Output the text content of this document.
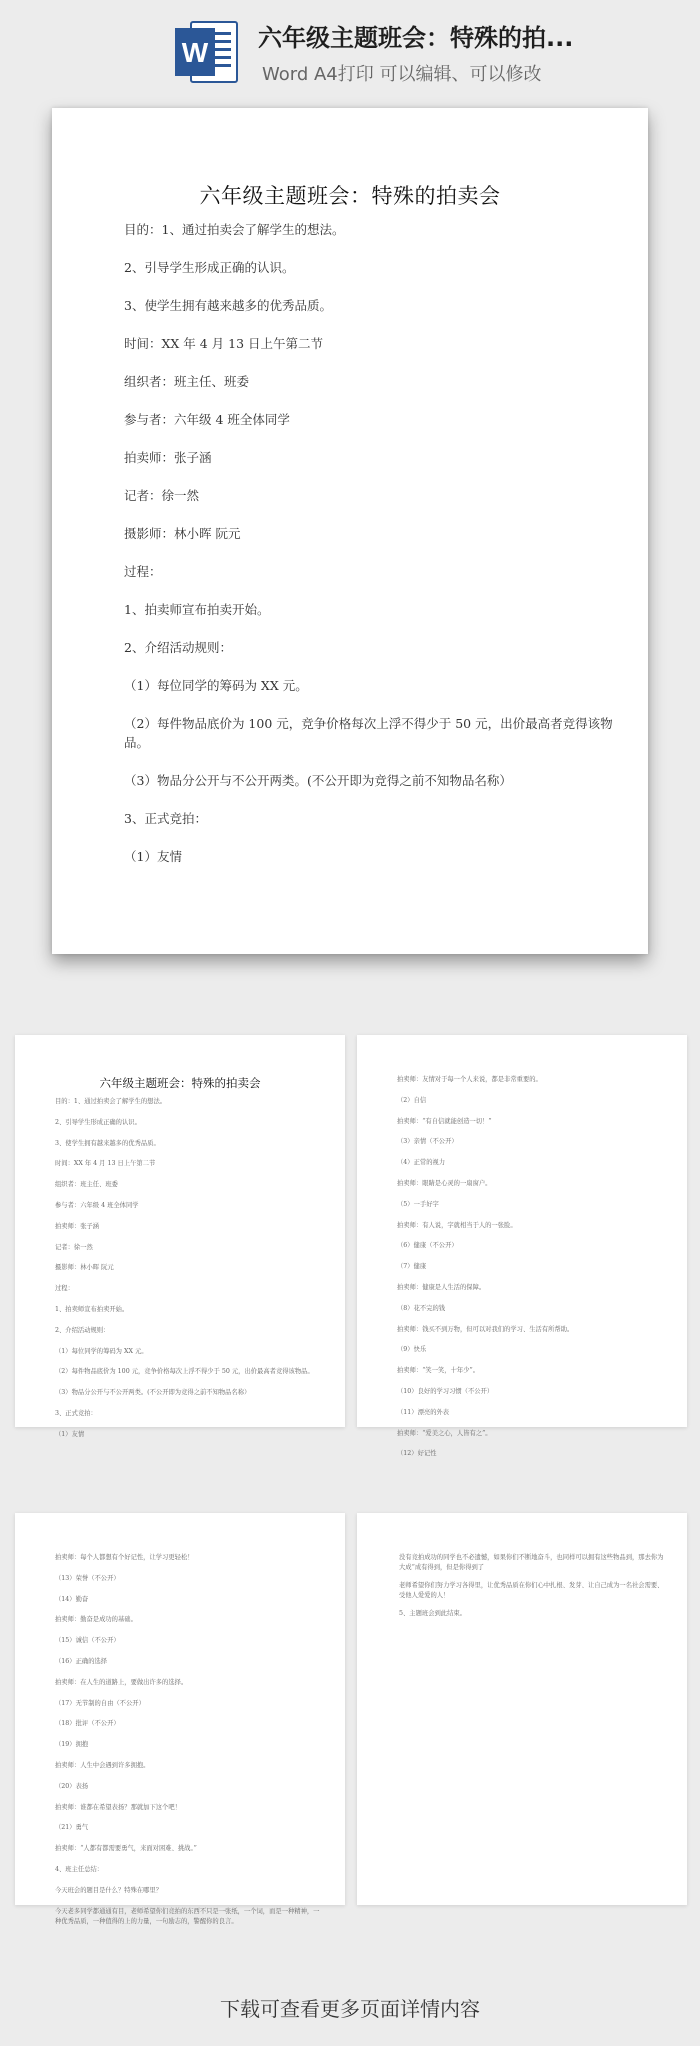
W 六年级主题班会：特殊的拍...
Word A4打印 可以编辑、可以修改
六年级主题班会：特殊的拍卖会
目的：1、通过拍卖会了解学生的想法。
2、引导学生形成正确的认识。
3、使学生拥有越来越多的优秀品质。
时间：XX 年 4 月 13 日上午第二节
组织者：班主任、班委
参与者：六年级 4 班全体同学
拍卖师：张子涵
记者：徐一然
摄影师：林小晖 阮元
过程：
1、拍卖师宣布拍卖开始。
2、介绍活动规则：
（1）每位同学的筹码为 XX 元。
（2）每件物品底价为 100 元，竞争价格每次上浮不得少于 50 元，出价最高者竞得该物品。
（3）物品分公开与不公开两类。(不公开即为竞得之前不知物品名称）
3、正式竞拍：
（1）友情
六年级主题班会：特殊的拍卖会
目的：1、通过拍卖会了解学生的想法。
2、引导学生形成正确的认识。
3、使学生拥有越来越多的优秀品质。
时间：XX 年 4 月 13 日上午第二节
组织者：班主任、班委
参与者：六年级 4 班全体同学
拍卖师：张子涵
记者：徐一然
摄影师：林小晖 阮元
过程：
1、拍卖师宣布拍卖开始。
2、介绍活动规则：
（1）每位同学的筹码为 XX 元。
（2）每件物品底价为 100 元，竞争价格每次上浮不得少于 50 元，出价最高者竞得该物品。
（3）物品分公开与不公开两类。(不公开即为竞得之前不知物品名称）
3、正式竞拍：
（1）友情
拍卖师：友情对于每一个人来说，都是非常重要的。
（2）自信
拍卖师：“有自信就能创造一切！”
（3）亲情（不公开）
（4）正常的视力
拍卖师：眼睛是心灵的一扇窗户。
（5）一手好字
拍卖师：有人说，字就相当于人的一张脸。
（6）健康（不公开）
（7）健康
拍卖师：健康是人生活的保障。
（8）花不完的钱
拍卖师：钱买不到万物，但可以对我们的学习、生活有所帮助。
（9）快乐
拍卖师：“笑一笑，十年少”。
（10）良好的学习习惯（不公开）
（11）漂亮的外表
拍卖师：“爱美之心，人皆有之”。
（12）好记性
拍卖师：每个人都想有个好记性，让学习更轻松！
（13）荣誉（不公开）
（14）勤奋
拍卖师：勤奋是成功的基础。
（15）诚信（不公开）
（16）正确的选择
拍卖师：在人生的道路上，要做出许多的选择。
（17）无节制的自由（不公开）
（18）批评（不公开）
（19）拥抱
拍卖师：人生中会遇到许多拥抱。
（20）表扬
拍卖师：谁都在希望表扬？那就加下这个吧！
（21）勇气
拍卖师：“人都有都需要勇气，来面对困难、挑战。”
4、班主任总结：
今天班会的题目是什么？特殊在哪里？
今天老多同学都通通有目，老师希望你们竞拍的东西不只是一张纸，一个词，而是一种精神，一种优秀品质，一种值得的上的力量，一句励志的，警醒你的良言。
没有竞拍成功的同学也不必遗憾，如果你们不断地奋斗，也同样可以拥有这些物品到，那去你为大成“成有得到，但是你得到了
老师希望你们努力学习各得里，让优秀品质在你们心中扎根、发芽、让自己成为一名社会需要、受他人爱爱的人！
5、主题班会到此结束。
下载可查看更多页面详情内容
